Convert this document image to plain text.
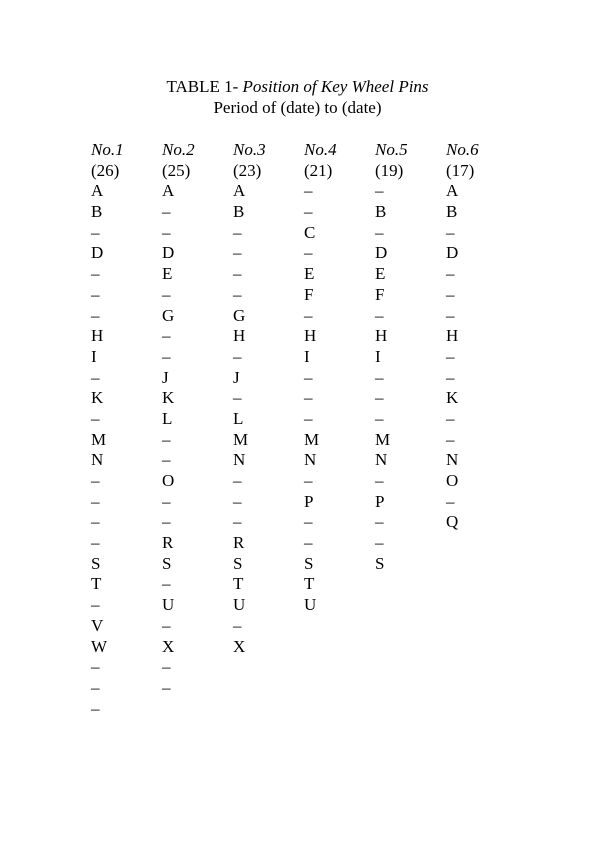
TABLE 1- Position of Key Wheel Pins
Period of (date) to (date)
No.1
(26)
A
B
–
D
–
–
–
H
I
–
K
–
M
N
–
–
–
–
S
T
–
V
W
–
–
–
No.2
(25)
A
–
–
D
E
–
G
–
–
J
K
L
–
–
O
–
–
R
S
–
U
–
X
–
–
No.3
(23)
A
B
–
–
–
–
G
H
–
J
–
L
M
N
–
–
–
R
S
T
U
–
X
No.4
(21)
–
–
C
–
E
F
–
H
I
–
–
–
M
N
–
P
–
–
S
T
U
No.5
(19)
–
B
–
D
E
F
–
H
I
–
–
–
M
N
–
P
–
–
S
No.6
(17)
A
B
–
D
–
–
–
H
–
–
K
–
–
N
O
–
Q
